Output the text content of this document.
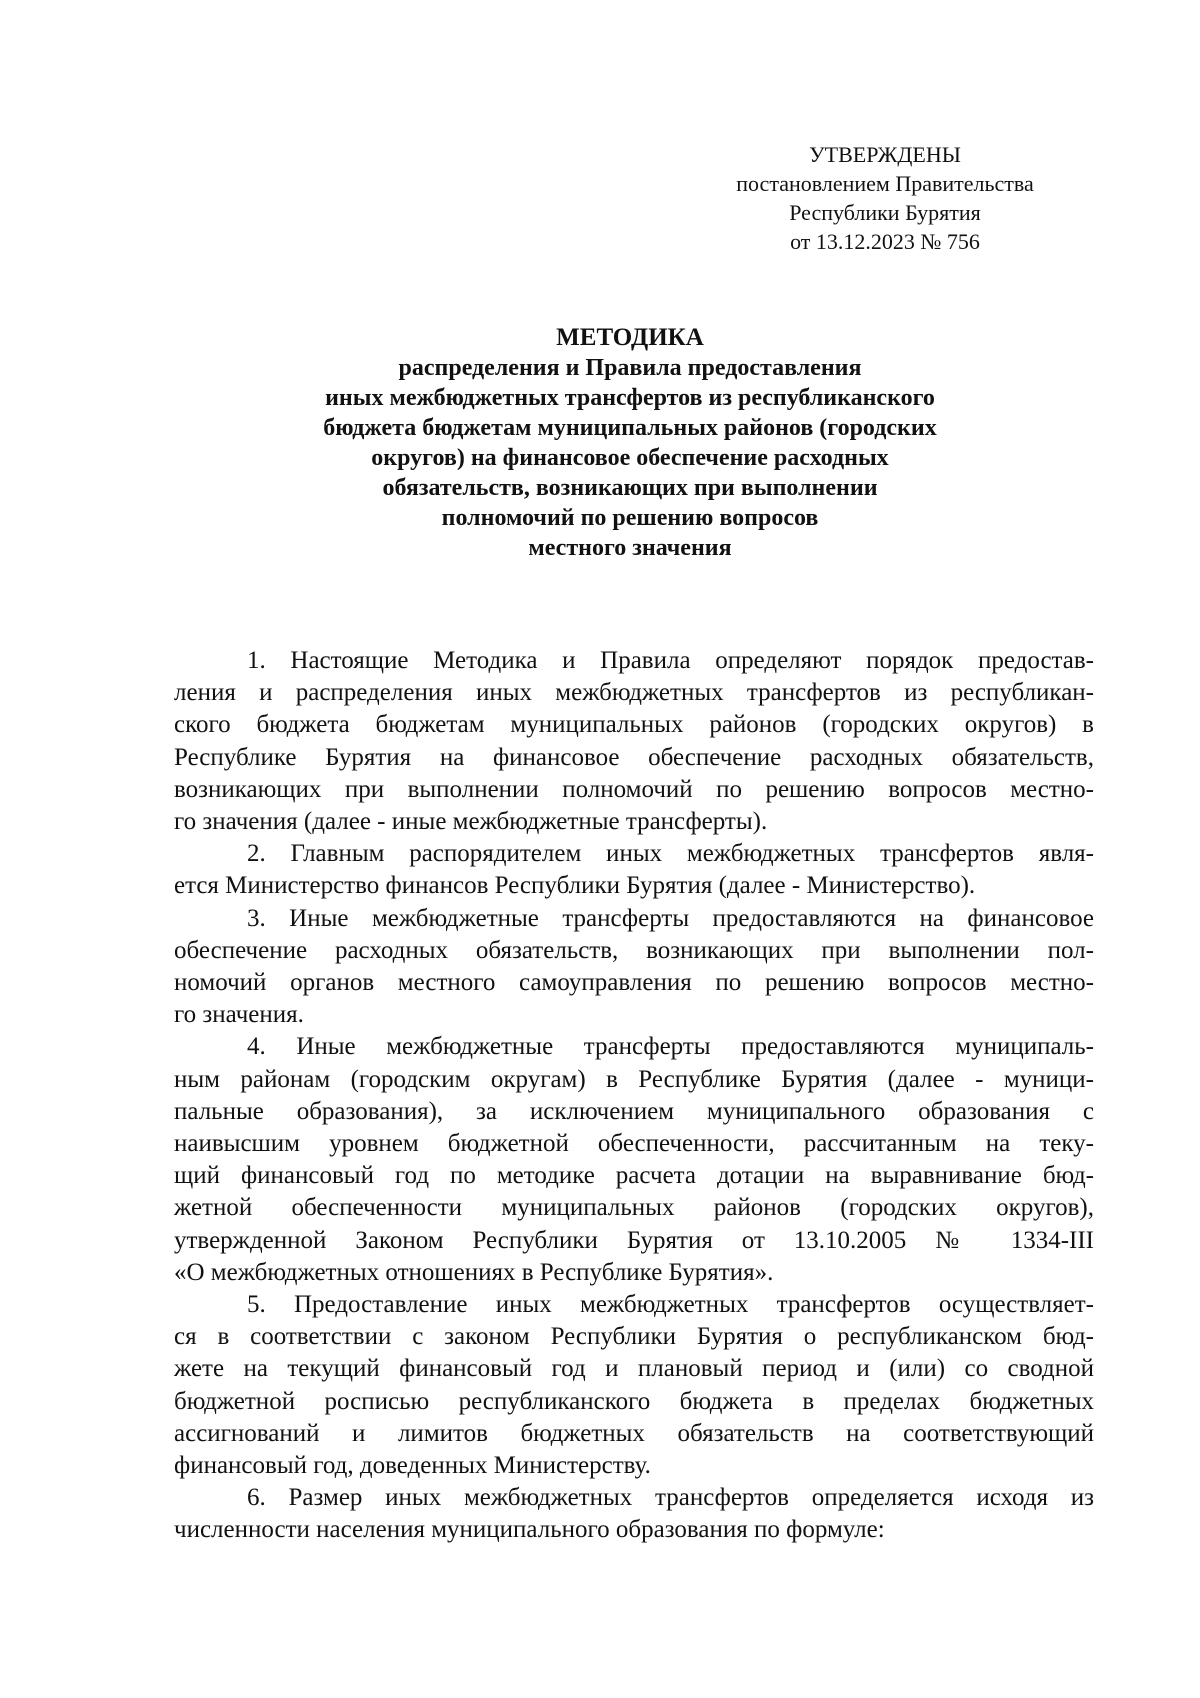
УТВЕРЖДЕНЫ
постановлением Правительства
Республики Бурятия
от 13.12.2023 № 756
МЕТОДИКА
распределения и Правила предоставления
иных межбюджетных трансфертов из республиканского
бюджета бюджетам муниципальных районов (городских
округов) на финансовое обеспечение расходных
обязательств, возникающих при выполнении
полномочий по решению вопросов
местного значения
1. Настоящие Методика и Правила определяют порядок предостав-
ления и распределения иных межбюджетных трансфертов из республикан-
ского бюджета бюджетам муниципальных районов (городских округов) в
Республике Бурятия на финансовое обеспечение расходных обязательств,
возникающих при выполнении полномочий по решению вопросов местно-
го значения (далее - иные межбюджетные трансферты).
2. Главным распорядителем иных межбюджетных трансфертов явля-
ется Министерство финансов Республики Бурятия (далее - Министерство).
3. Иные межбюджетные трансферты предоставляются на финансовое
обеспечение расходных обязательств, возникающих при выполнении пол-
номочий органов местного самоуправления по решению вопросов местно-
го значения.
4. Иные межбюджетные трансферты предоставляются муниципаль-
ным районам (городским округам) в Республике Бурятия (далее - муници-
пальные образования), за исключением муниципального образования с
наивысшим уровнем бюджетной обеспеченности, рассчитанным на теку-
щий финансовый год по методике расчета дотации на выравнивание бюд-
жетной обеспеченности муниципальных районов (городских округов),
утвержденной Законом Республики Бурятия от 13.10.2005 № 1334-III
«О межбюджетных отношениях в Республике Бурятия».
5. Предоставление иных межбюджетных трансфертов осуществляет-
ся в соответствии с законом Республики Бурятия о республиканском бюд-
жете на текущий финансовый год и плановый период и (или) со сводной
бюджетной росписью республиканского бюджета в пределах бюджетных
ассигнований и лимитов бюджетных обязательств на соответствующий
финансовый год, доведенных Министерству.
6. Размер иных межбюджетных трансфертов определяется исходя из
численности населения муниципального образования по формуле:
